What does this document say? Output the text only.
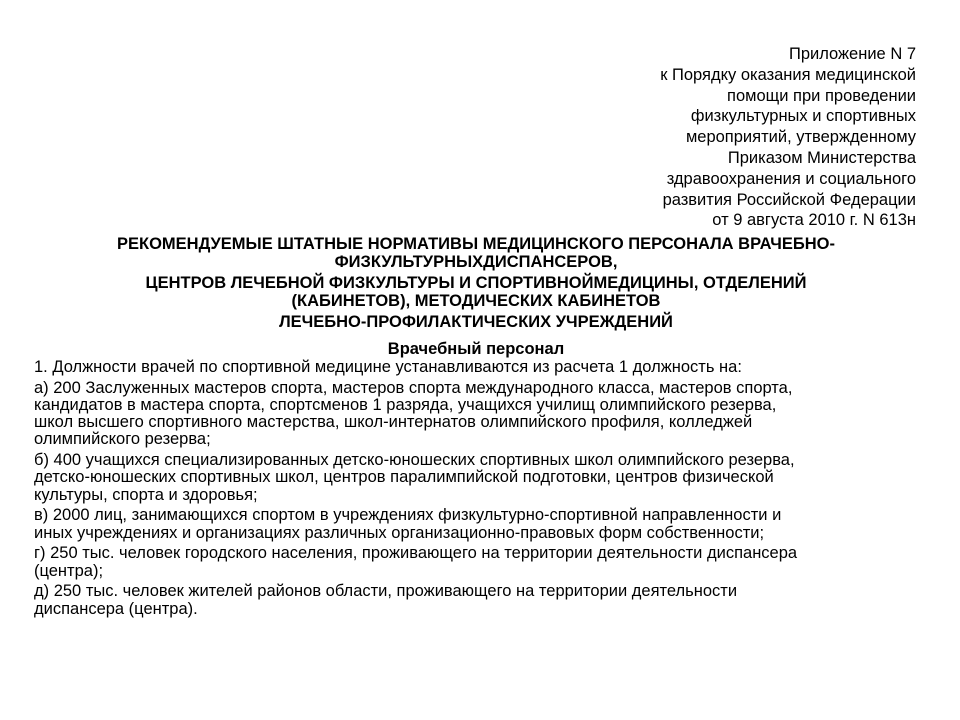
Приложение N 7
к Порядку оказания медицинской
помощи при проведении
физкультурных и спортивных
мероприятий, утвержденному
Приказом Министерства
здравоохранения и социального
развития Российской Федерации
от 9 августа 2010 г. N 613н
РЕКОМЕНДУЕМЫЕ ШТАТНЫЕ НОРМАТИВЫ МЕДИЦИНСКОГО ПЕРСОНАЛА ВРАЧЕБНО-
ФИЗКУЛЬТУРНЫХДИСПАНСЕРОВ,
ЦЕНТРОВ ЛЕЧЕБНОЙ ФИЗКУЛЬТУРЫ И СПОРТИВНОЙМЕДИЦИНЫ, ОТДЕЛЕНИЙ
(КАБИНЕТОВ), МЕТОДИЧЕСКИХ КАБИНЕТОВ
ЛЕЧЕБНО-ПРОФИЛАКТИЧЕСКИХ УЧРЕЖДЕНИЙ
Врачебный персонал
1. Должности врачей по спортивной медицине устанавливаются из расчета 1 должность на:
а) 200 Заслуженных мастеров спорта, мастеров спорта международного класса, мастеров спорта,
кандидатов в мастера спорта, спортсменов 1 разряда, учащихся училищ олимпийского резерва,
школ высшего спортивного мастерства, школ-интернатов олимпийского профиля, колледжей
олимпийского резерва;
б) 400 учащихся специализированных детско-юношеских спортивных школ олимпийского резерва,
детско-юношеских спортивных школ, центров паралимпийской подготовки, центров физической
культуры, спорта и здоровья;
в) 2000 лиц, занимающихся спортом в учреждениях физкультурно-спортивной направленности и
иных учреждениях и организациях различных организационно-правовых форм собственности;
г) 250 тыс. человек городского населения, проживающего на территории деятельности диспансера
(центра);
д) 250 тыс. человек жителей районов области, проживающего на территории деятельности
диспансера (центра).
